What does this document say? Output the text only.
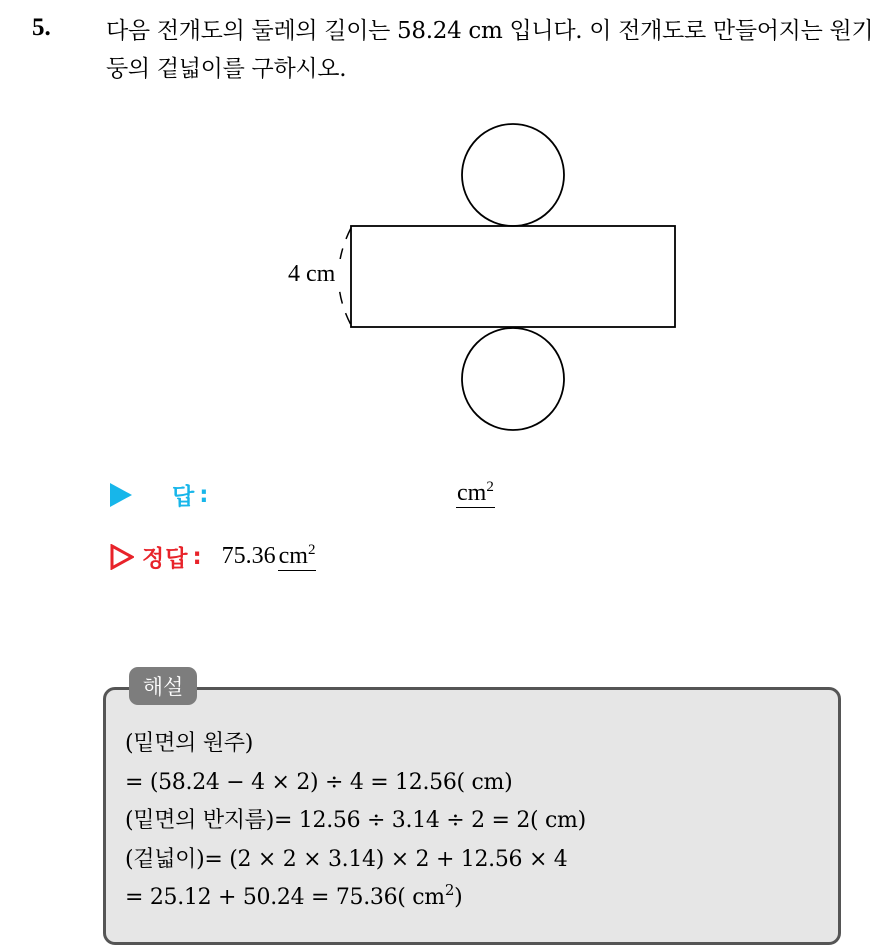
5. 다음 전개도의 둘레의 길이는 58.24 cm 입니다. 이 전개도로 만들어지는 원기둥의 겉넓이를 구하시오.
4 cm
답 :	$cm^2$
정답 : 75.36 $cm^2$
해설
(밑면의 원주)
= (58.24 − 4 × 2) ÷ 4 = 12.56( cm)
(밑면의 반지름)= 12.56 ÷ 3.14 ÷ 2 = 2( cm)
(겉넓이)= (2 × 2 × 3.14) × 2 + 12.56 × 4
= 25.12 + 50.24 = 75.36( $cm^2$)
